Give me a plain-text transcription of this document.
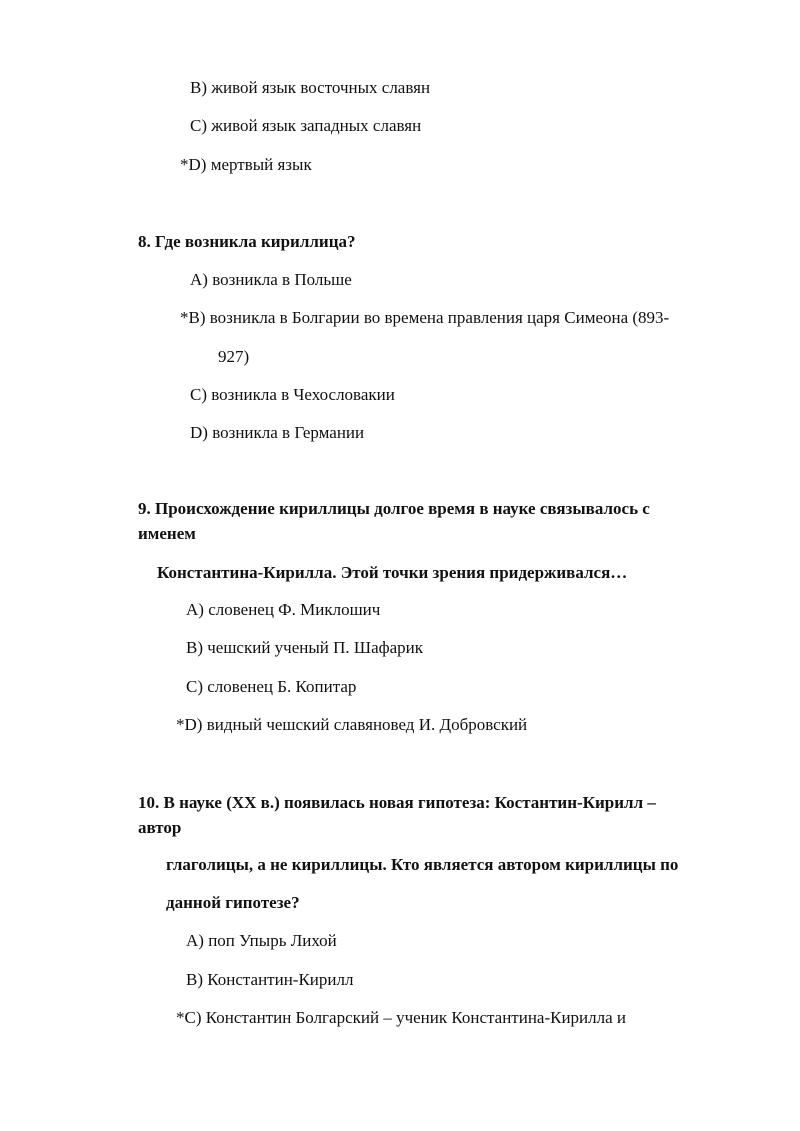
B) живой язык восточных славян
C) живой язык западных славян
*D) мертвый язык
8. Где возникла кириллица?
A) возникла в Польше
*B) возникла в Болгарии во времена правления царя Симеона (893-
927)
C) возникла в Чехословакии
D) возникла в Германии
9. Происхождение кириллицы долгое время в науке связывалось с
именем
Константина-Кирилла. Этой точки зрения придерживался…
A) словенец Ф. Миклошич
B) чешский ученый П. Шафарик
C) словенец Б. Копитар
*D) видный чешский славяновед И. Добровский
10. В науке (XX в.) появилась новая гипотеза: Костантин-Кирилл –
автор
глаголицы, а не кириллицы. Кто является автором кириллицы по
данной гипотезе?
A) поп Упырь Лихой
B) Константин-Кирилл
*C) Константин Болгарский – ученик Константина-Кирилла и
